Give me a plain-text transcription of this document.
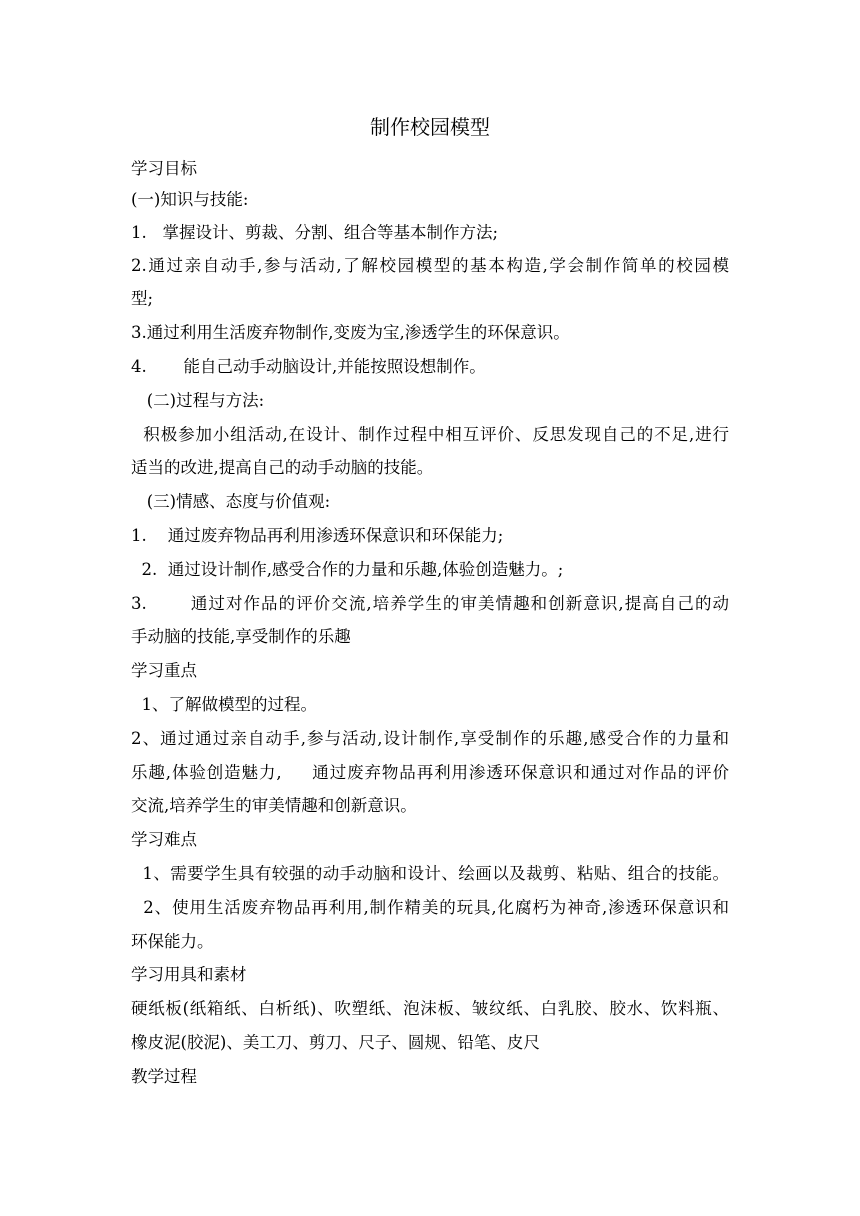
制作校园模型
学习目标
(一)知识与技能:
1.   掌握设计、剪裁、分割、组合等基本制作方法;
2.通过亲自动手,参与活动,了解校园模型的基本构造,学会制作简单的校园模
型;
3.通过利用生活废弃物制作,变废为宝,渗透学生的环保意识。
4.       能自己动手动脑设计,并能按照设想制作。
(二)过程与方法:
积极参加小组活动,在设计、制作过程中相互评价、反思发现自己的不足,进行
适当的改进,提高自己的动手动脑的技能。
(三)情感、态度与价值观:
1.    通过废弃物品再利用渗透环保意识和环保能力;
2.  通过设计制作,感受合作的力量和乐趣,体验创造魅力。;
3.       通过对作品的评价交流,培养学生的审美情趣和创新意识,提高自己的动
手动脑的技能,享受制作的乐趣
学习重点
1、了解做模型的过程。
2、通过通过亲自动手,参与活动,设计制作,享受制作的乐趣,感受合作的力量和
乐趣,体验创造魅力,     通过废弃物品再利用渗透环保意识和通过对作品的评价
交流,培养学生的审美情趣和创新意识。
学习难点
1、需要学生具有较强的动手动脑和设计、绘画以及裁剪、粘贴、组合的技能。
2、使用生活废弃物品再利用,制作精美的玩具,化腐朽为神奇,渗透环保意识和
环保能力。
学习用具和素材
硬纸板(纸箱纸、白析纸)、吹塑纸、泡沫板、皱纹纸、白乳胶、胶水、饮料瓶、
橡皮泥(胶泥)、美工刀、剪刀、尺子、圆规、铅笔、皮尺
教学过程
